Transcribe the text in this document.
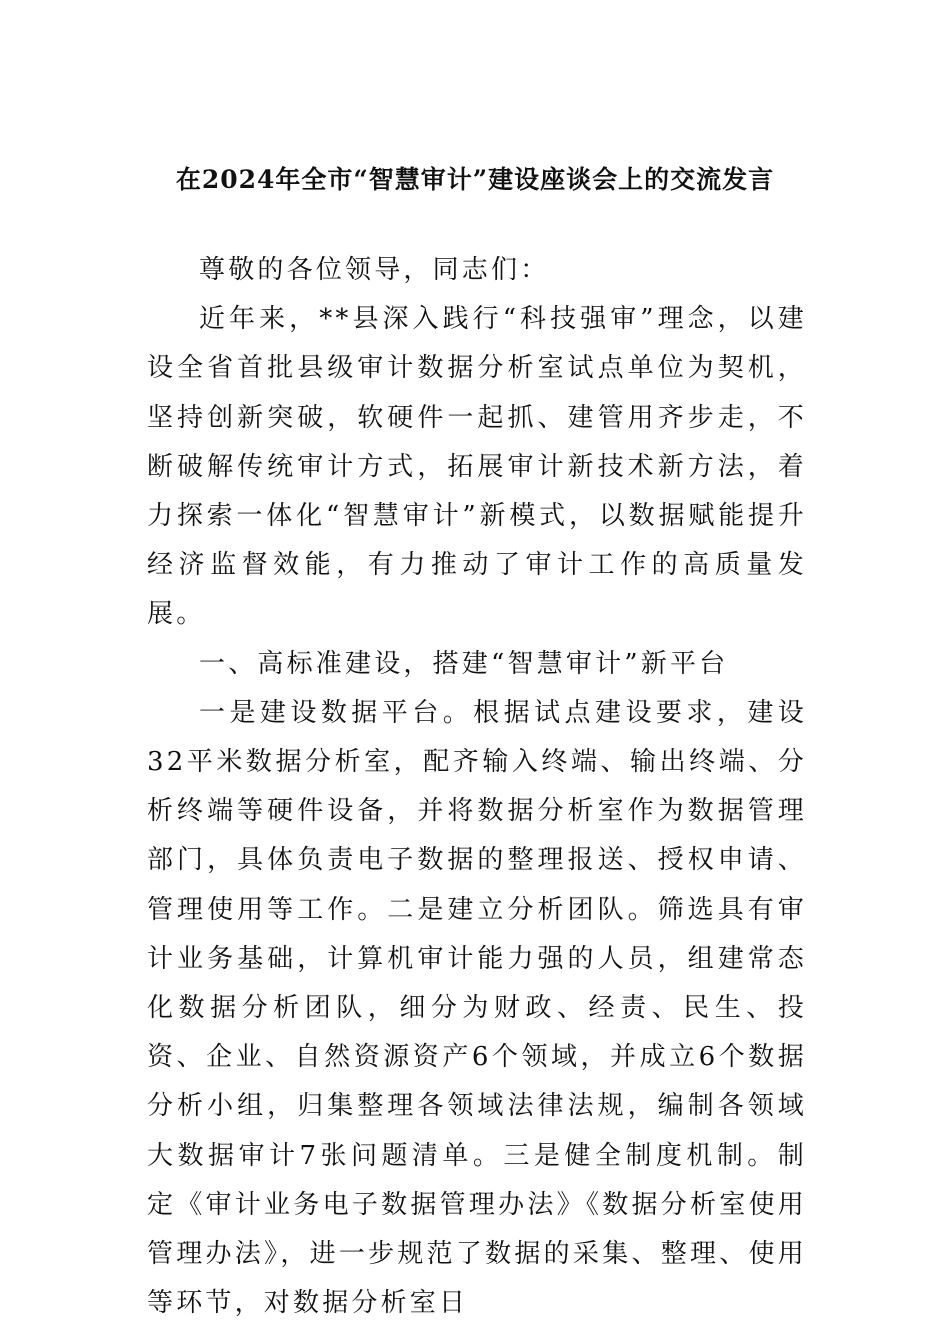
在2024年全市“智慧审计”建设座谈会上的交流发言

尊敬的各位领导，同志们：

近年来，**县深入践行“科技强审”理念，以建设全省首批县级审计数据分析室试点单位为契机，坚持创新突破，软硬件一起抓、建管用齐步走，不断破解传统审计方式，拓展审计新技术新方法，着力探索一体化“智慧审计”新模式，以数据赋能提升经济监督效能，有力推动了审计工作的高质量发展。

一、高标准建设，搭建“智慧审计”新平台

一是建设数据平台。根据试点建设要求，建设32平米数据分析室，配齐输入终端、输出终端、分析终端等硬件设备，并将数据分析室作为数据管理部门，具体负责电子数据的整理报送、授权申请、管理使用等工作。二是建立分析团队。筛选具有审计业务基础，计算机审计能力强的人员，组建常态化数据分析团队，细分为财政、经责、民生、投资、企业、自然资源资产6个领域，并成立6个数据分析小组，归集整理各领域法律法规，编制各领域大数据审计7张问题清单。三是健全制度机制。制定《审计业务电子数据管理办法》《数据分析室使用管理办法》，进一步规范了数据的采集、整理、使用等环节，对数据分析室日
